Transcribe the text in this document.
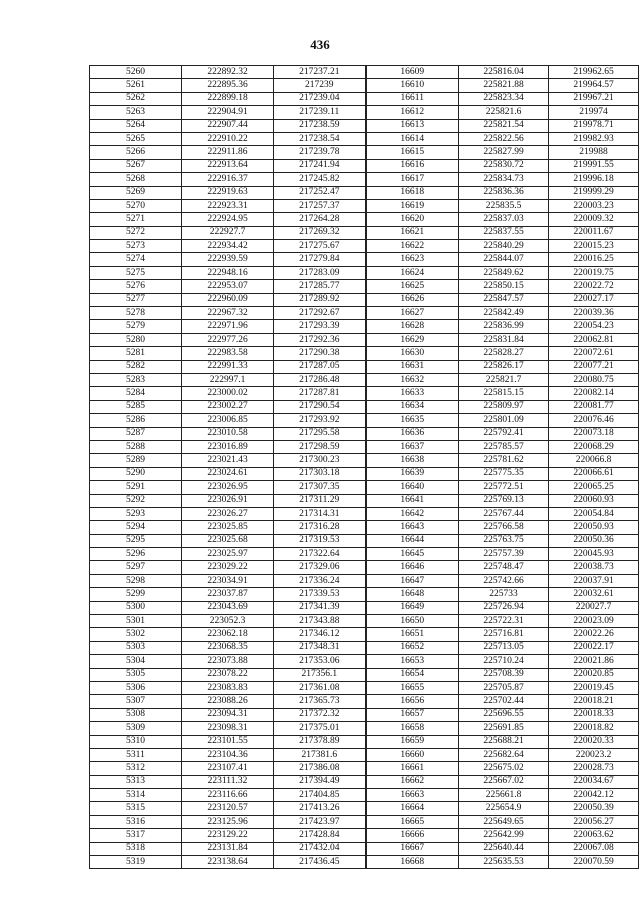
436
5260	222892.32	217237.21	16609	225816.04	219962.65
5261	222895.36	217239	16610	225821.88	219964.57
5262	222899.18	217239.04	16611	225823.34	219967.21
5263	222904.91	217239.11	16612	225821.6	219974
5264	222907.44	217238.59	16613	225821.54	219978.71
5265	222910.22	217238.54	16614	225822.56	219982.93
5266	222911.86	217239.78	16615	225827.99	219988
5267	222913.64	217241.94	16616	225830.72	219991.55
5268	222916.37	217245.82	16617	225834.73	219996.18
5269	222919.63	217252.47	16618	225836.36	219999.29
5270	222923.31	217257.37	16619	225835.5	220003.23
5271	222924.95	217264.28	16620	225837.03	220009.32
5272	222927.7	217269.32	16621	225837.55	220011.67
5273	222934.42	217275.67	16622	225840.29	220015.23
5274	222939.59	217279.84	16623	225844.07	220016.25
5275	222948.16	217283.09	16624	225849.62	220019.75
5276	222953.07	217285.77	16625	225850.15	220022.72
5277	222960.09	217289.92	16626	225847.57	220027.17
5278	222967.32	217292.67	16627	225842.49	220039.36
5279	222971.96	217293.39	16628	225836.99	220054.23
5280	222977.26	217292.36	16629	225831.84	220062.81
5281	222983.58	217290.38	16630	225828.27	220072.61
5282	222991.33	217287.05	16631	225826.17	220077.21
5283	222997.1	217286.48	16632	225821.7	220080.75
5284	223000.02	217287.81	16633	225815.15	220082.14
5285	223002.27	217290.54	16634	225809.97	220081.77
5286	223006.85	217293.92	16635	225801.09	220076.46
5287	223010.58	217295.58	16636	225792.41	220073.18
5288	223016.89	217298.59	16637	225785.57	220068.29
5289	223021.43	217300.23	16638	225781.62	220066.8
5290	223024.61	217303.18	16639	225775.35	220066.61
5291	223026.95	217307.35	16640	225772.51	220065.25
5292	223026.91	217311.29	16641	225769.13	220060.93
5293	223026.27	217314.31	16642	225767.44	220054.84
5294	223025.85	217316.28	16643	225766.58	220050.93
5295	223025.68	217319.53	16644	225763.75	220050.36
5296	223025.97	217322.64	16645	225757.39	220045.93
5297	223029.22	217329.06	16646	225748.47	220038.73
5298	223034.91	217336.24	16647	225742.66	220037.91
5299	223037.87	217339.53	16648	225733	220032.61
5300	223043.69	217341.39	16649	225726.94	220027.7
5301	223052.3	217343.88	16650	225722.31	220023.09
5302	223062.18	217346.12	16651	225716.81	220022.26
5303	223068.35	217348.31	16652	225713.05	220022.17
5304	223073.88	217353.06	16653	225710.24	220021.86
5305	223078.22	217356.1	16654	225708.39	220020.85
5306	223083.83	217361.08	16655	225705.87	220019.45
5307	223088.26	217365.73	16656	225702.44	220018.21
5308	223094.31	217372.32	16657	225696.55	220018.33
5309	223098.31	217375.01	16658	225691.85	220018.82
5310	223101.55	217378.89	16659	225688.21	220020.33
5311	223104.36	217381.6	16660	225682.64	220023.2
5312	223107.41	217386.08	16661	225675.02	220028.73
5313	223111.32	217394.49	16662	225667.02	220034.67
5314	223116.66	217404.85	16663	225661.8	220042.12
5315	223120.57	217413.26	16664	225654.9	220050.39
5316	223125.96	217423.97	16665	225649.65	220056.27
5317	223129.22	217428.84	16666	225642.99	220063.62
5318	223131.84	217432.04	16667	225640.44	220067.08
5319	223138.64	217436.45	16668	225635.53	220070.59
